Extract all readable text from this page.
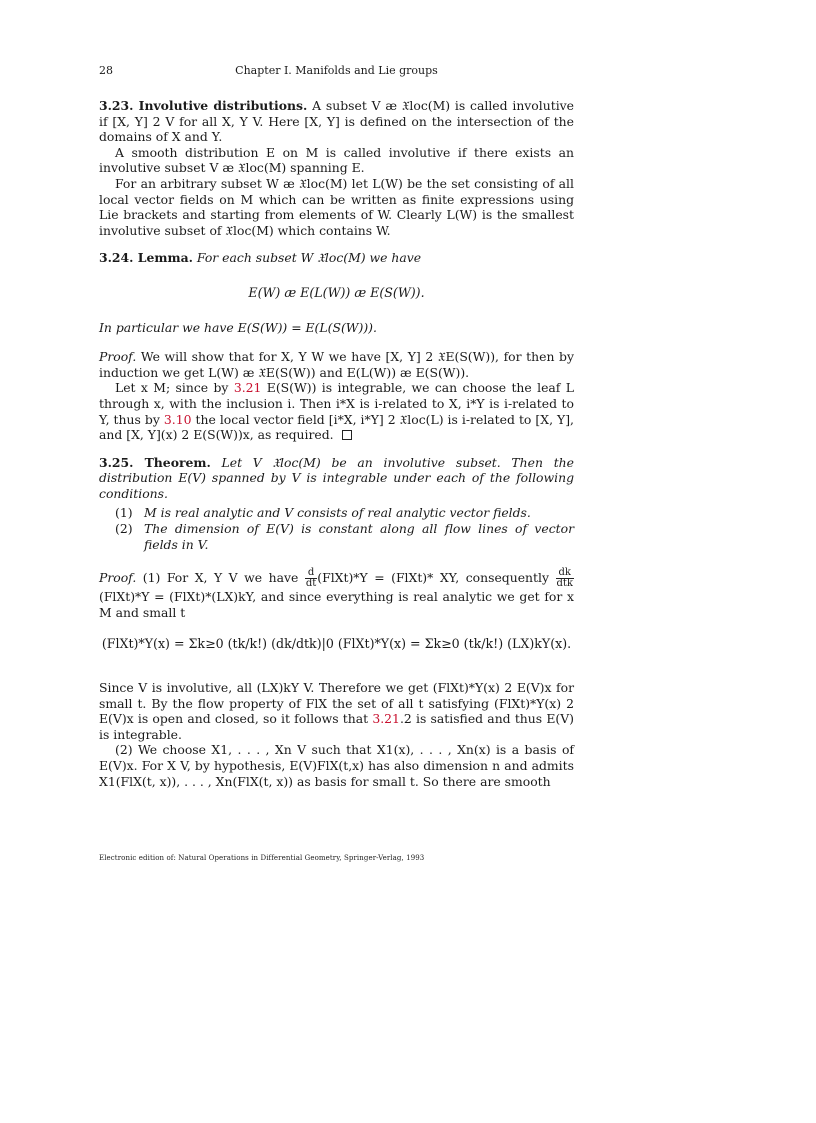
28	Chapter I. Manifolds and Lie groups

3.23. Involutive distributions. A subset V æ 𝔛loc(M) is called involutive if [X, Y] 2 V for all X, Y V. Here [X, Y] is defined on the intersection of the domains of X and Y.

A smooth distribution E on M is called involutive if there exists an involutive subset V æ 𝔛loc(M) spanning E.

For an arbitrary subset W æ 𝔛loc(M) let L(W) be the set consisting of all local vector fields on M which can be written as finite expressions using Lie brackets and starting from elements of W. Clearly L(W) is the smallest involutive subset of 𝔛loc(M) which contains W.

3.24. Lemma. For each subset W 𝔛loc(M) we have

E(W) æ E(L(W)) æ E(S(W)).

In particular we have E(S(W)) = E(L(S(W))).

Proof. We will show that for X, Y W we have [X, Y] 2 𝔛E(S(W)), for then by induction we get L(W) æ 𝔛E(S(W)) and E(L(W)) æ E(S(W)).

Let x M; since by 3.21 E(S(W)) is integrable, we can choose the leaf L through x, with the inclusion i. Then i*X is i-related to X, i*Y is i-related to Y, thus by 3.10 the local vector field [i*X, i*Y] 2 𝔛loc(L) is i-related to [X, Y], and [X, Y](x) 2 E(S(W))x, as required.

3.25. Theorem. Let V 𝔛loc(M) be an involutive subset. Then the distribution E(V) spanned by V is integrable under each of the following conditions.

(1) M is real analytic and V consists of real analytic vector fields.
(2) The dimension of E(V) is constant along all flow lines of vector fields in V.

Proof. (1) For X, Y V we have $\frac{d}{dt}$ (FlXt)*Y = (FlXt)* XY, consequently $\frac{dk}{\text{dtk}}$
(FlXt)*Y = (FlXt)*(LX)kY, and since everything is real analytic we get for x M and small t

(FlXt)*Y(x) = Σk≥0 (tk/k!) (dk/dtk)|0 (FlXt)*Y(x) = Σk≥0 (tk/k!) (LX)kY(x).

Since V is involutive, all (LX)kY V. Therefore we get (FlXt)*Y(x) 2 E(V)x for small t. By the flow property of FlX the set of all t satisfying (FlXt)*Y(x) 2 E(V)x is open and closed, so it follows that 3.21.2 is satisfied and thus E(V) is integrable.

(2) We choose X1, . . . , Xn V such that X1(x), . . . , Xn(x) is a basis of E(V)x. For X V, by hypothesis, E(V)FlX(t,x) has also dimension n and admits X1(FlX(t, x)), . . . , Xn(FlX(t, x)) as basis for small t. So there are smooth

Electronic edition of: Natural Operations in Differential Geometry, Springer-Verlag, 1993
